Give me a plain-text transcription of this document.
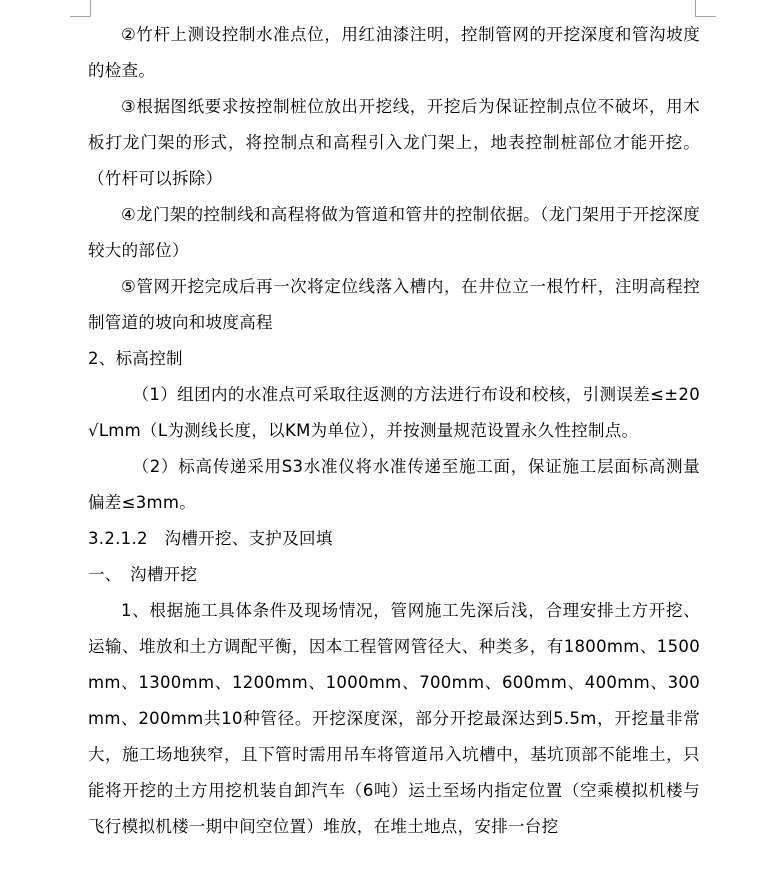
②竹杆上测设控制水准点位，用红油漆注明，控制管网的开挖深度和管沟坡度的检查。

③根据图纸要求按控制桩位放出开挖线，开挖后为保证控制点位不破坏，用木板打龙门架的形式，将控制点和高程引入龙门架上，地表控制桩部位才能开挖。（竹杆可以拆除）

④龙门架的控制线和高程将做为管道和管井的控制依据。（龙门架用于开挖深度较大的部位）

⑤管网开挖完成后再一次将定位线落入槽内，在井位立一根竹杆，注明高程控制管道的坡向和坡度高程

2、标高控制

（1）组团内的水准点可采取往返测的方法进行布设和校核，引测误差≤±20√Lmm（L为测线长度，以KM为单位），并按测量规范设置永久性控制点。

（2）标高传递采用S3水准仪将水准传递至施工面，保证施工层面标高测量偏差≤3mm。

3.2.1.2　沟槽开挖、支护及回填

一、　沟槽开挖

1、根据施工具体条件及现场情况，管网施工先深后浅，合理安排土方开挖、运输、堆放和土方调配平衡，因本工程管网管径大、种类多，有1800mm、1500mm、1300mm、1200mm、1000mm、700mm、600mm、400mm、300mm、200mm共10种管径。开挖深度深，部分开挖最深达到5.5m，开挖量非常大，施工场地狭窄，且下管时需用吊车将管道吊入坑槽中，基坑顶部不能堆土，只能将开挖的土方用挖机装自卸汽车（6吨）运土至场内指定位置（空乘模拟机楼与飞行模拟机楼一期中间空位置）堆放，在堆土地点，安排一台挖
